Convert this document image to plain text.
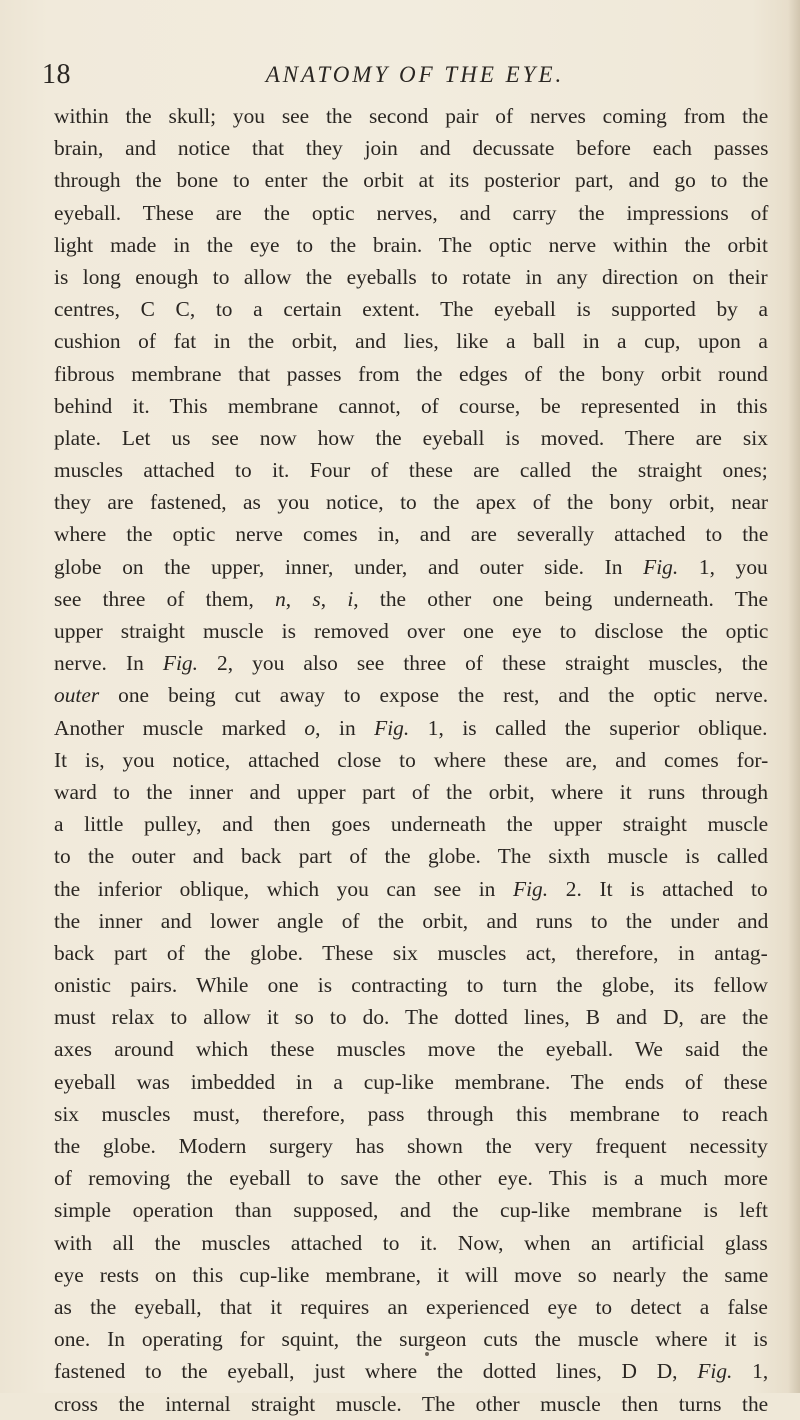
18	ANATOMY OF THE EYE.
within the skull; you see the second pair of nerves coming from the
brain, and notice that they join and decussate before each passes
through the bone to enter the orbit at its posterior part, and go to the
eyeball. These are the optic nerves, and carry the impressions of
light made in the eye to the brain. The optic nerve within the orbit
is long enough to allow the eyeballs to rotate in any direction on their
centres, C C, to a certain extent. The eyeball is supported by a
cushion of fat in the orbit, and lies, like a ball in a cup, upon a
fibrous membrane that passes from the edges of the bony orbit round
behind it. This membrane cannot, of course, be represented in this
plate. Let us see now how the eyeball is moved. There are six
muscles attached to it. Four of these are called the straight ones;
they are fastened, as you notice, to the apex of the bony orbit, near
where the optic nerve comes in, and are severally attached to the
globe on the upper, inner, under, and outer side. In Fig. 1, you
see three of them, n, s, i, the other one being underneath. The
upper straight muscle is removed over one eye to disclose the optic
nerve. In Fig. 2, you also see three of these straight muscles, the
outer one being cut away to expose the rest, and the optic nerve.
Another muscle marked o, in Fig. 1, is called the superior oblique.
It is, you notice, attached close to where these are, and comes for-
ward to the inner and upper part of the orbit, where it runs through
a little pulley, and then goes underneath the upper straight muscle
to the outer and back part of the globe. The sixth muscle is called
the inferior oblique, which you can see in Fig. 2. It is attached to
the inner and lower angle of the orbit, and runs to the under and
back part of the globe. These six muscles act, therefore, in antag-
onistic pairs. While one is contracting to turn the globe, its fellow
must relax to allow it so to do. The dotted lines, B and D, are the
axes around which these muscles move the eyeball. We said the
eyeball was imbedded in a cup-like membrane. The ends of these
six muscles must, therefore, pass through this membrane to reach
the globe. Modern surgery has shown the very frequent necessity
of removing the eyeball to save the other eye. This is a much more
simple operation than supposed, and the cup-like membrane is left
with all the muscles attached to it. Now, when an artificial glass
eye rests on this cup-like membrane, it will move so nearly the same
as the eyeball, that it requires an experienced eye to detect a false
one. In operating for squint, the surgeon cuts the muscle where it is
fastened to the eyeball, just where the dotted lines, D D, Fig. 1,
cross the internal straight muscle. The other muscle then turns the
